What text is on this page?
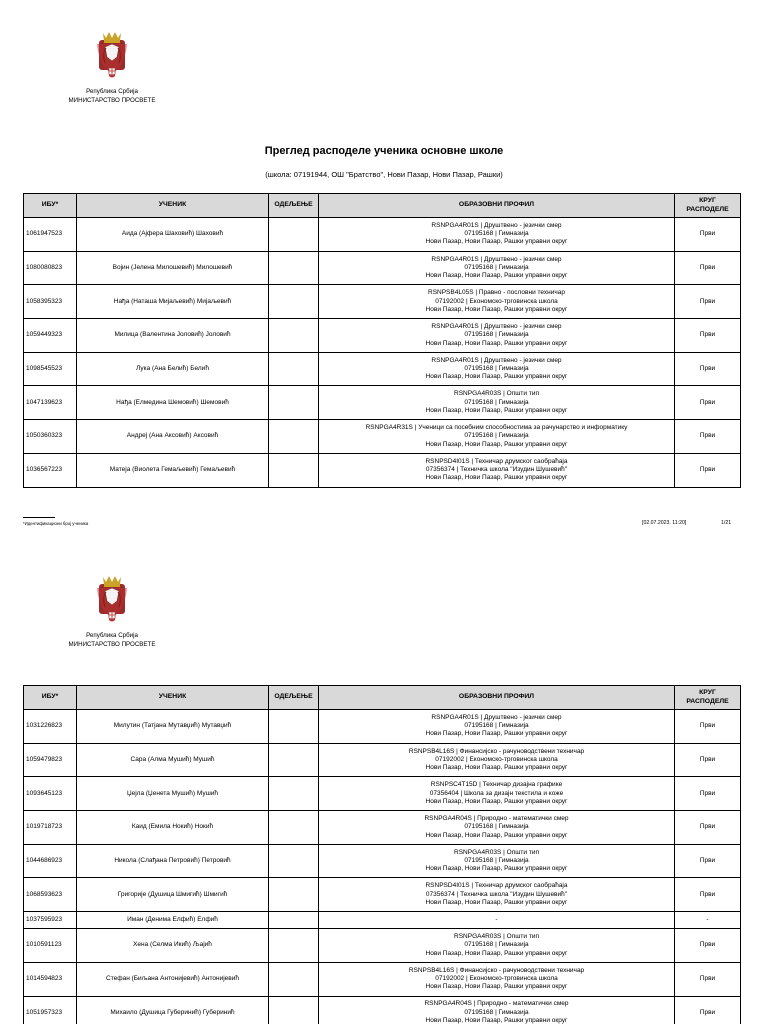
Република Србија
МИНИСТАРСТВО ПРОСВЕТЕ
Преглед расподеле ученика основне школе
(школа: 07191944, ОШ "Братство", Нови Пазар, Нови Пазар, Рашки)
ИБУ*	УЧЕНИК	ОДЕЉЕЊЕ	ОБРАЗОВНИ ПРОФИЛ	КРУГ
РАСПОДЕЛЕ

1061947523	Аида (Ајфера Шаховић) Шаховић		RSNPGA4R01S | Друштвено - језички смер
07195168 | Гимназија
Нови Пазар, Нови Пазар, Рашки управни округ	Први
1080080823	Војин (Јелена Милошевић) Милошевић		RSNPGA4R01S | Друштвено - језички смер
07195168 | Гимназија
Нови Пазар, Нови Пазар, Рашки управни округ	Први
1058395323	Нађа (Наташа Мијаљевић) Мијаљевић		RSNPSB4L05S | Правно - пословни техничар
07192002 | Економско-трговинска школа
Нови Пазар, Нови Пазар, Рашки управни округ	Први
1059449323	Милица (Валентина Јоловић) Јоловић		RSNPGA4R01S | Друштвено - језички смер
07195168 | Гимназија
Нови Пазар, Нови Пазар, Рашки управни округ	Први
1098545523	Лука (Ана Белић) Белић		RSNPGA4R01S | Друштвено - језички смер
07195168 | Гимназија
Нови Пазар, Нови Пазар, Рашки управни округ	Први
1047139623	Нађа (Елмедина Шемовић) Шемовић		RSNPGA4R03S | Општи тип
07195168 | Гимназија
Нови Пазар, Нови Пазар, Рашки управни округ	Први
1050360323	Андреј (Ана Аксовић) Аксовић		RSNPGA4R31S | Ученици са посебним способностима за рачунарство и информатику
07195168 | Гимназија
Нови Пазар, Нови Пазар, Рашки управни округ	Први
1036567223	Матеја (Виолета Гемаљевић) Гемаљевић		RSNPSD4I01S | Техничар друмског саобраћаја
07356374 | Техничка школа "Изудин Шушевић"
Нови Пазар, Нови Пазар, Рашки управни округ	Први
*Идентификациони број ученика	[02.07.2023. 11:20]	1/21
Република Србија
МИНИСТАРСТВО ПРОСВЕТЕ
ИБУ*	УЧЕНИК	ОДЕЉЕЊЕ	ОБРАЗОВНИ ПРОФИЛ	КРУГ
РАСПОДЕЛЕ

1031226823	Милутин (Татјана Мутавџић) Мутавџић		RSNPGA4R01S | Друштвено - језички смер
07195168 | Гимназија
Нови Пазар, Нови Пазар, Рашки управни округ	Први
1059479823	Сара (Алма Мушић) Мушић		RSNPSB4L16S | Финансијско - рачуноводствени техничар
07192002 | Економско-трговинска школа
Нови Пазар, Нови Пазар, Рашки управни округ	Први
1093645123	Џејла (Џенета Мушић) Мушић		RSNPSC4T15D | Техничар дизајна графике
07356404 | Школа за дизајн текстила и коже
Нови Пазар, Нови Пазар, Рашки управни округ	Први
1019718723	Каид (Емила Нокић) Нокић		RSNPGA4R04S | Природно - математички смер
07195168 | Гимназија
Нови Пазар, Нови Пазар, Рашки управни округ	Први
1044686923	Никола (Слађана Петровић) Петровић		RSNPGA4R03S | Општи тип
07195168 | Гимназија
Нови Пазар, Нови Пазар, Рашки управни округ	Први
1068593623	Григорије (Душица Шмигић) Шмигић		RSNPSD4I01S | Техничар друмског саобраћаја
07356374 | Техничка школа "Изудин Шушевић"
Нови Пазар, Нови Пазар, Рашки управни округ	Први
1037595923	Иман (Денима Елфић) Елфић		-	-
1010591123	Хена (Селма Икић) Љајић		RSNPGA4R03S | Општи тип
07195168 | Гимназија
Нови Пазар, Нови Пазар, Рашки управни округ	Први
1014594823	Стефан (Биљана Антонијевић) Антонијевић		RSNPSB4L16S | Финансијско - рачуноводствени техничар
07192002 | Економско-трговинска школа
Нови Пазар, Нови Пазар, Рашки управни округ	Први
1051957323	Михаило (Душица Губеринић) Губеринић		RSNPGA4R04S | Природно - математички смер
07195168 | Гимназија
Нови Пазар, Нови Пазар, Рашки управни округ	Први
